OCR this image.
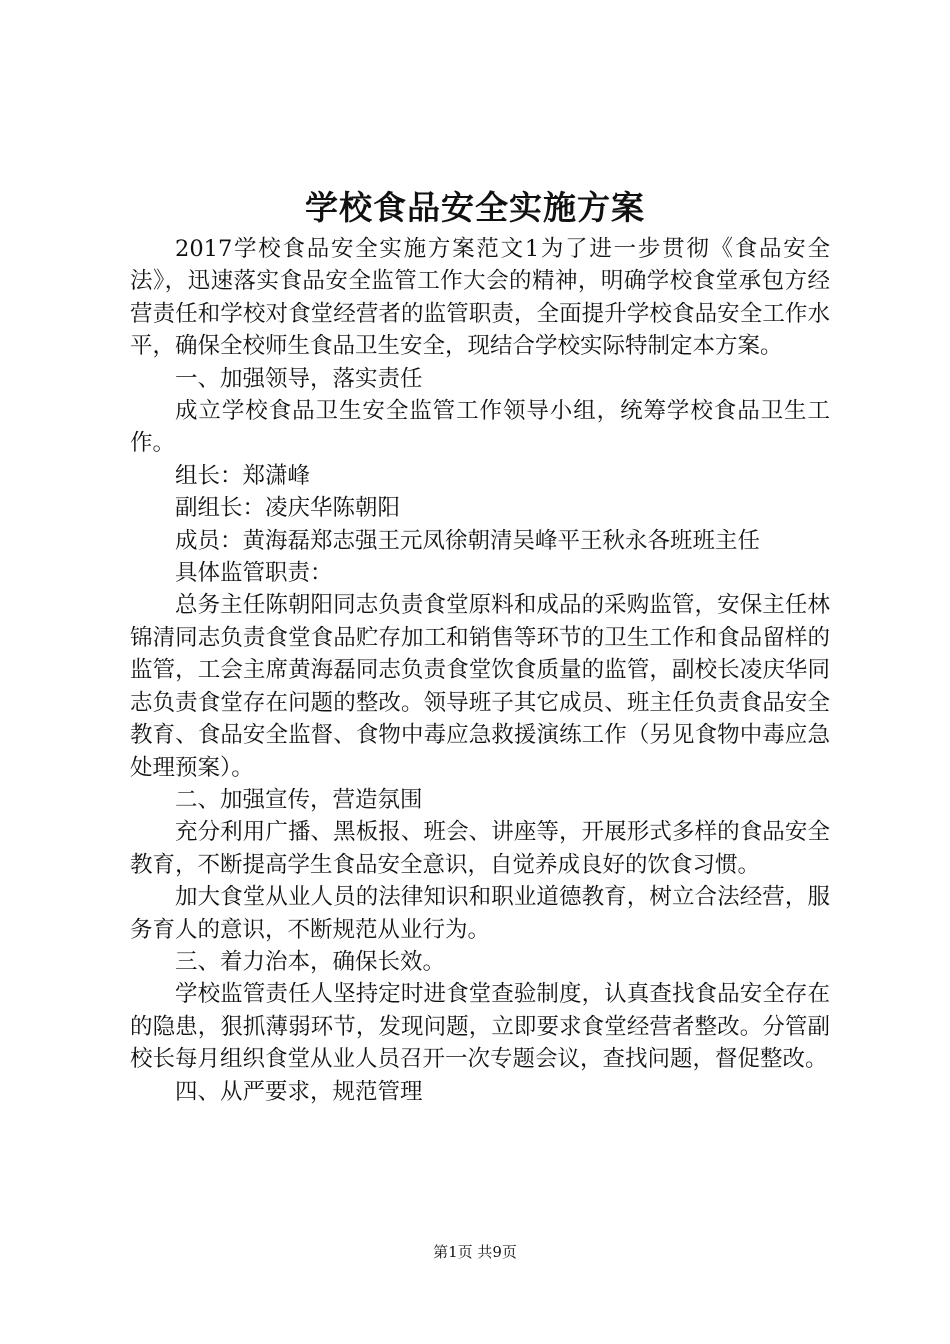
学校食品安全实施方案

2017学校食品安全实施方案范文1为了进一步贯彻《食品安全法》，迅速落实食品安全监管工作大会的精神，明确学校食堂承包方经营责任和学校对食堂经营者的监管职责，全面提升学校食品安全工作水平，确保全校师生食品卫生安全，现结合学校实际特制定本方案。

一、加强领导，落实责任

成立学校食品卫生安全监管工作领导小组，统筹学校食品卫生工作。

组长：郑潇峰

副组长：凌庆华陈朝阳

成员：黄海磊郑志强王元凤徐朝清吴峰平王秋永各班班主任

具体监管职责：

总务主任陈朝阳同志负责食堂原料和成品的采购监管，安保主任林锦清同志负责食堂食品贮存加工和销售等环节的卫生工作和食品留样的监管，工会主席黄海磊同志负责食堂饮食质量的监管，副校长凌庆华同志负责食堂存在问题的整改。领导班子其它成员、班主任负责食品安全教育、食品安全监督、食物中毒应急救援演练工作（另见食物中毒应急处理预案）。

二、加强宣传，营造氛围

充分利用广播、黑板报、班会、讲座等，开展形式多样的食品安全教育，不断提高学生食品安全意识，自觉养成良好的饮食习惯。

加大食堂从业人员的法律知识和职业道德教育，树立合法经营，服务育人的意识，不断规范从业行为。

三、着力治本，确保长效。

学校监管责任人坚持定时进食堂查验制度，认真查找食品安全存在的隐患，狠抓薄弱环节，发现问题，立即要求食堂经营者整改。分管副校长每月组织食堂从业人员召开一次专题会议，查找问题，督促整改。

四、从严要求，规范管理

第1页 共9页
